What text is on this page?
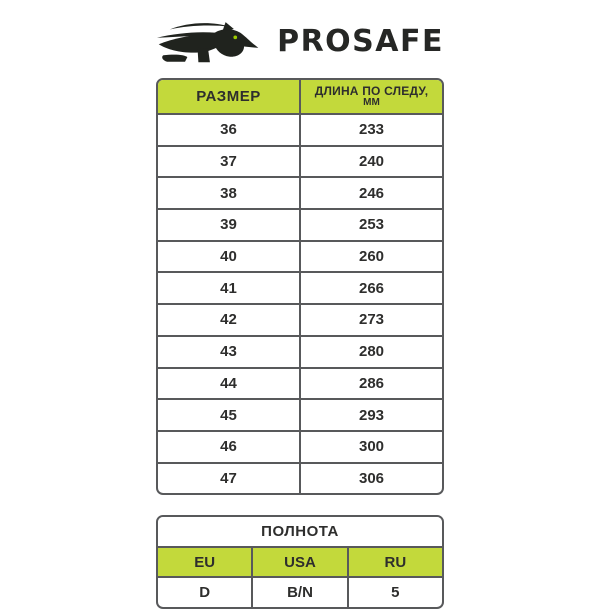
PROSAFE
РАЗМЕР	ДЛИНА ПО СЛЕДУ,
ММ

36	233
37	240
38	246
39	253
40	260
41	266
42	273
43	280
44	286
45	293
46	300
47	306
ПОЛНОТА		
EU	USA	RU
D	B/N	5
